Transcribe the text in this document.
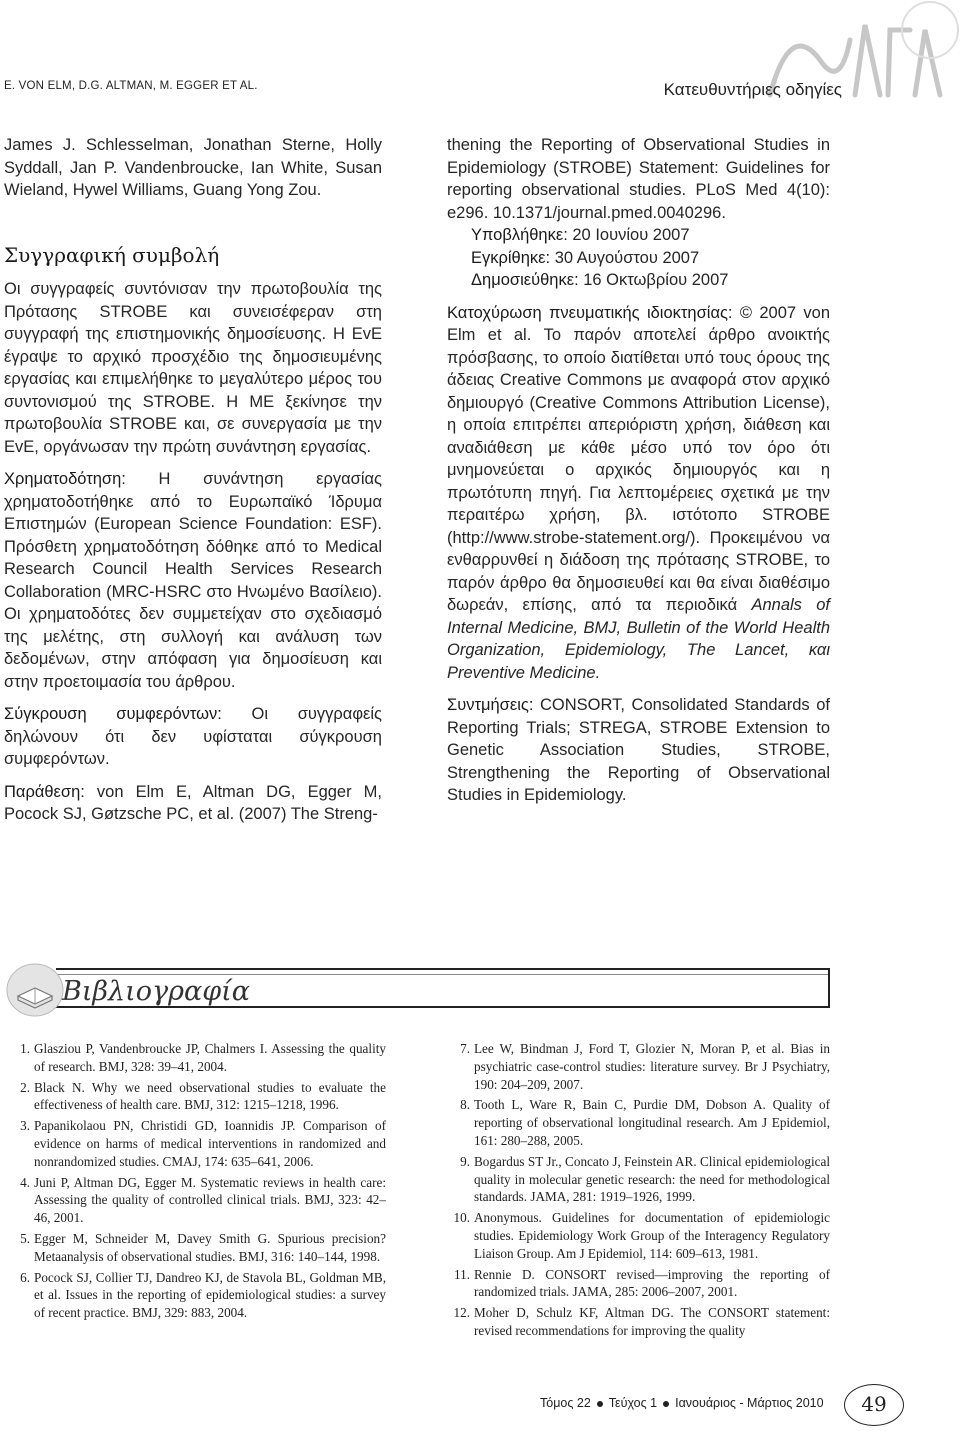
E. VON ELM, D.G. ALTMAN, M. EGGER ET AL.	Κατευθυντήριες οδηγίες

James J. Schlesselman, Jonathan Sterne, Holly Syddall, Jan P. Vandenbroucke, Ian White, Susan Wieland, Hywel Williams, Guang Yong Zou.

Συγγραφική συμβολή

Οι συγγραφείς συντόνισαν την πρωτοβουλία της Πρότασης STROBE και συνεισέφεραν στη συγγραφή της επιστημονικής δημοσίευσης. Η EvE έγραψε το αρχικό προσχέδιο της δημοσιευμένης εργασίας και επιμελήθηκε το μεγαλύτερο μέρος του συντονισμού της STROBE. Η ME ξεκίνησε την πρωτοβουλία STROBE και, σε συνεργασία με την EvE, οργάνωσαν την πρώτη συνάντηση εργασίας.

Χρηματοδότηση: Η συνάντηση εργασίας χρηματοδοτήθηκε από το Ευρωπαϊκό Ίδρυμα Επιστημών (European Science Foundation: ESF). Πρόσθετη χρηματοδότηση δόθηκε από το Medical Research Council Health Services Research Collaboration (MRC-HSRC στο Ηνωμένο Βασίλειο). Οι χρηματοδότες δεν συμμετείχαν στο σχεδιασμό της μελέτης, στη συλλογή και ανάλυση των δεδομένων, στην απόφαση για δημοσίευση και στην προετοιμασία του άρθρου.

Σύγκρουση συμφερόντων: Οι συγγραφείς δηλώνουν ότι δεν υφίσταται σύγκρουση συμφερόντων.

Παράθεση: von Elm E, Altman DG, Egger M, Pocock SJ, Gøtzsche PC, et al. (2007) The Streng-

thening the Reporting of Observational Studies in Epidemiology (STROBE) Statement: Guidelines for reporting observational studies. PLoS Med 4(10): e296. 10.1371/journal.pmed.0040296.

Υποβλήθηκε: 20 Ιουνίου 2007

Εγκρίθηκε: 30 Αυγούστου 2007

Δημοσιεύθηκε: 16 Οκτωβρίου 2007

Κατοχύρωση πνευματικής ιδιοκτησίας: © 2007 von Elm et al. Το παρόν αποτελεί άρθρο ανοικτής πρόσβασης, το οποίο διατίθεται υπό τους όρους της άδειας Creative Commons με αναφορά στον αρχικό δημιουργό (Creative Commons Attribution License), η οποία επιτρέπει απεριόριστη χρήση, διάθεση και αναδιάθεση με κάθε μέσο υπό τον όρο ότι μνημονεύεται ο αρχικός δημιουργός και η πρωτότυπη πηγή. Για λεπτομέρειες σχετικά με την περαιτέρω χρήση, βλ. ιστότοπο STROBE (http://www.strobe-statement.org/). Προκειμένου να ενθαρρυνθεί η διάδοση της πρότασης STROBE, το παρόν άρθρο θα δημοσιευθεί και θα είναι διαθέσιμο δωρεάν, επίσης, από τα περιοδικά Annals of Internal Medicine, BMJ, Bulletin of the World Health Organization, Epidemiology, The Lancet, και Preventive Medicine.

Συντμήσεις: CONSORT, Consolidated Standards of Reporting Trials; STREGA, STROBE Extension to Genetic Association Studies, STROBE, Strengthening the Reporting of Observational Studies in Epidemiology.

Βιβλιογραφία
1. Glasziou P, Vandenbroucke JP, Chalmers I. Assessing the quality of research. BMJ, 328: 39–41, 2004.
2. Black N. Why we need observational studies to evaluate the effectiveness of health care. BMJ, 312: 1215–1218, 1996.
3. Papanikolaou PN, Christidi GD, Ioannidis JP. Comparison of evidence on harms of medical interventions in randomized and nonrandomized studies. CMAJ, 174: 635–641, 2006.
4. Juni P, Altman DG, Egger M. Systematic reviews in health care: Assessing the quality of controlled clinical trials. BMJ, 323: 42–46, 2001.
5. Egger M, Schneider M, Davey Smith G. Spurious precision? Metaanalysis of observational studies. BMJ, 316: 140–144, 1998.
6. Pocock SJ, Collier TJ, Dandreo KJ, de Stavola BL, Goldman MB, et al. Issues in the reporting of epidemiological studies: a survey of recent practice. BMJ, 329: 883, 2004.
7. Lee W, Bindman J, Ford T, Glozier N, Moran P, et al. Bias in psychiatric case-control studies: literature survey. Br J Psychiatry, 190: 204–209, 2007.
8. Tooth L, Ware R, Bain C, Purdie DM, Dobson A. Quality of reporting of observational longitudinal research. Am J Epidemiol, 161: 280–288, 2005.
9. Bogardus ST Jr., Concato J, Feinstein AR. Clinical epidemiological quality in molecular genetic research: the need for methodological standards. JAMA, 281: 1919–1926, 1999.
10. Anonymous. Guidelines for documentation of epidemiologic studies. Epidemiology Work Group of the Interagency Regulatory Liaison Group. Am J Epidemiol, 114: 609–613, 1981.
11. Rennie D. CONSORT revised—improving the reporting of randomized trials. JAMA, 285: 2006–2007, 2001.
12. Moher D, Schulz KF, Altman DG. The CONSORT statement: revised recommendations for improving the quality
Τόμος 22 Τεύχος 1 Ιανουάριος - Μάρτιος 2010	49
